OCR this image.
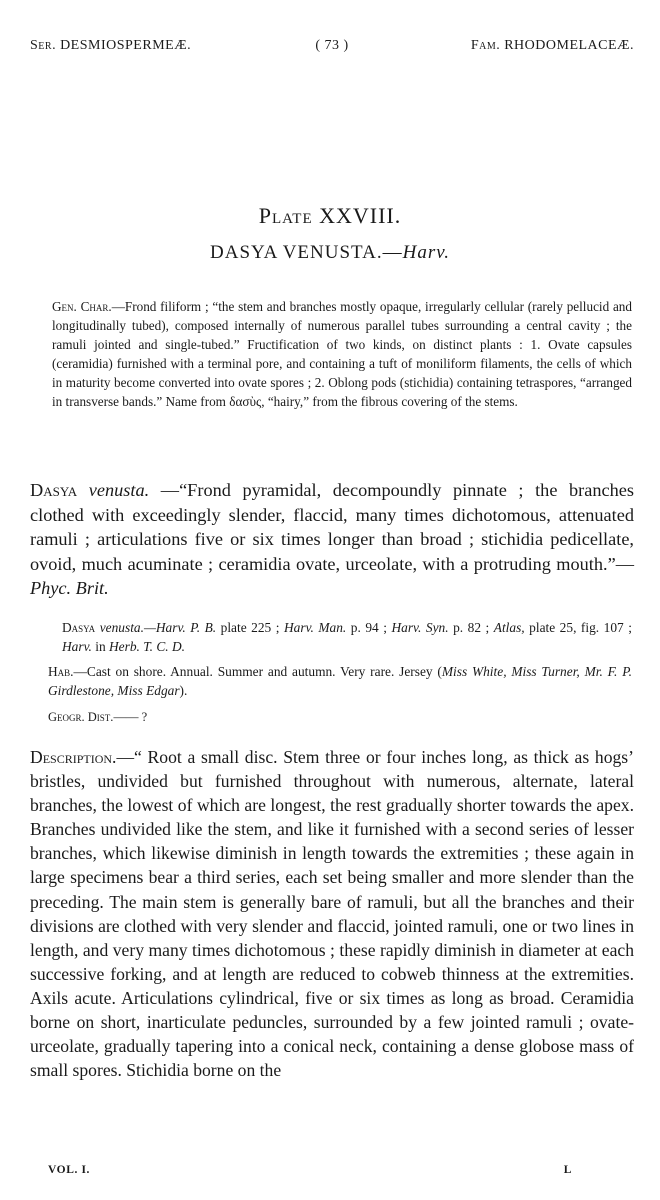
Ser. DESMIOSPERMEÆ.	( 73 )	Fam. RHODOMELACEÆ.
Plate XXVIII.
DASYA VENUSTA.—Harv.
Gen. Char.—Frond filiform ; “the stem and branches mostly opaque, irregularly cellular (rarely pellucid and longitudinally tubed), composed internally of numerous parallel tubes surrounding a central cavity ; the ramuli jointed and single-tubed.” Fructification of two kinds, on distinct plants : 1. Ovate capsules (ceramidia) furnished with a terminal pore, and containing a tuft of moniliform filaments, the cells of which in maturity become converted into ovate spores ; 2. Oblong pods (stichidia) containing tetraspores, “arranged in transverse bands.” Name from δασὺς, “hairy,” from the fibrous covering of the stems.
Dasya venusta. —“Frond pyramidal, decompoundly pinnate ; the branches clothed with exceedingly slender, flaccid, many times dichotomous, attenuated ramuli ; articulations five or six times longer than broad ; stichidia pedicellate, ovoid, much acuminate ; ceramidia ovate, urceolate, with a protruding mouth.”—Phyc. Brit.
Dasya venusta.—Harv. P. B. plate 225 ; Harv. Man. p. 94 ; Harv. Syn. p. 82 ; Atlas, plate 25, fig. 107 ; Harv. in Herb. T. C. D.
Hab.—Cast on shore. Annual. Summer and autumn. Very rare. Jersey (Miss White, Miss Turner, Mr. F. P. Girdlestone, Miss Edgar).
Geogr. Dist.—— ?
Description.—“ Root a small disc. Stem three or four inches long, as thick as hogs’ bristles, undivided but furnished throughout with numerous, alternate, lateral branches, the lowest of which are longest, the rest gradually shorter towards the apex. Branches undivided like the stem, and like it furnished with a second series of lesser branches, which likewise diminish in length towards the extremities ; these again in large specimens bear a third series, each set being smaller and more slender than the preceding. The main stem is generally bare of ramuli, but all the branches and their divisions are clothed with very slender and flaccid, jointed ramuli, one or two lines in length, and very many times dichotomous ; these rapidly diminish in diameter at each successive forking, and at length are reduced to cobweb thinness at the extremities. Axils acute. Articulations cylindrical, five or six times as long as broad. Ceramidia borne on short, inarticulate peduncles, surrounded by a few jointed ramuli ; ovate-urceolate, gradually tapering into a conical neck, containing a dense globose mass of small spores. Stichidia borne on the
VOL. I.	L
